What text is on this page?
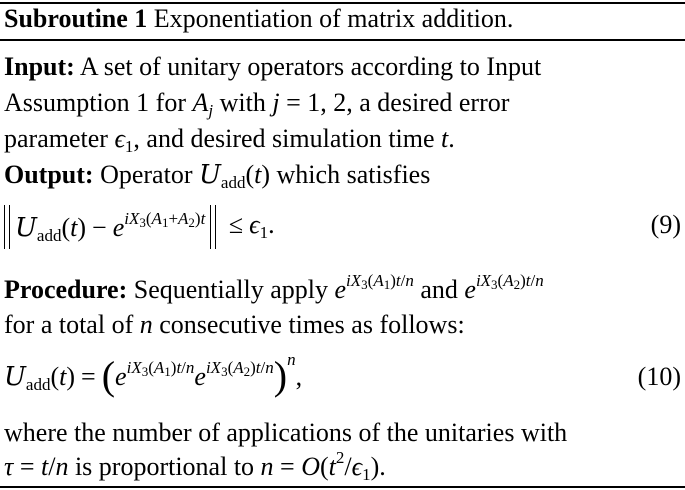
Subroutine 1 Exponentiation of matrix addition.
Input: A set of unitary operators according to Input
Assumption 1 for $A_j$ with j = 1, 2, a desired error
parameter $\epsilon_1$, and desired simulation time t.
Output: Operator $U_{add}(t)$ which satisfies
$U_{add}(t) - e^{iX_3(A_1+A_2)t} \le \epsilon_1$.	(9)
Procedure: Sequentially apply $e^{iX_3(A_1)t/n}$ and $e^{iX_3(A_2)t/n}$
for a total of n consecutive times as follows:
$U_{add}(t) = (e^{iX_3(A_1)t/n}e^{iX_3(A_2)t/n})^n$,	(10)
where the number of applications of the unitaries with
τ = t/n is proportional to $n = O(t^2/\epsilon_1)$.
